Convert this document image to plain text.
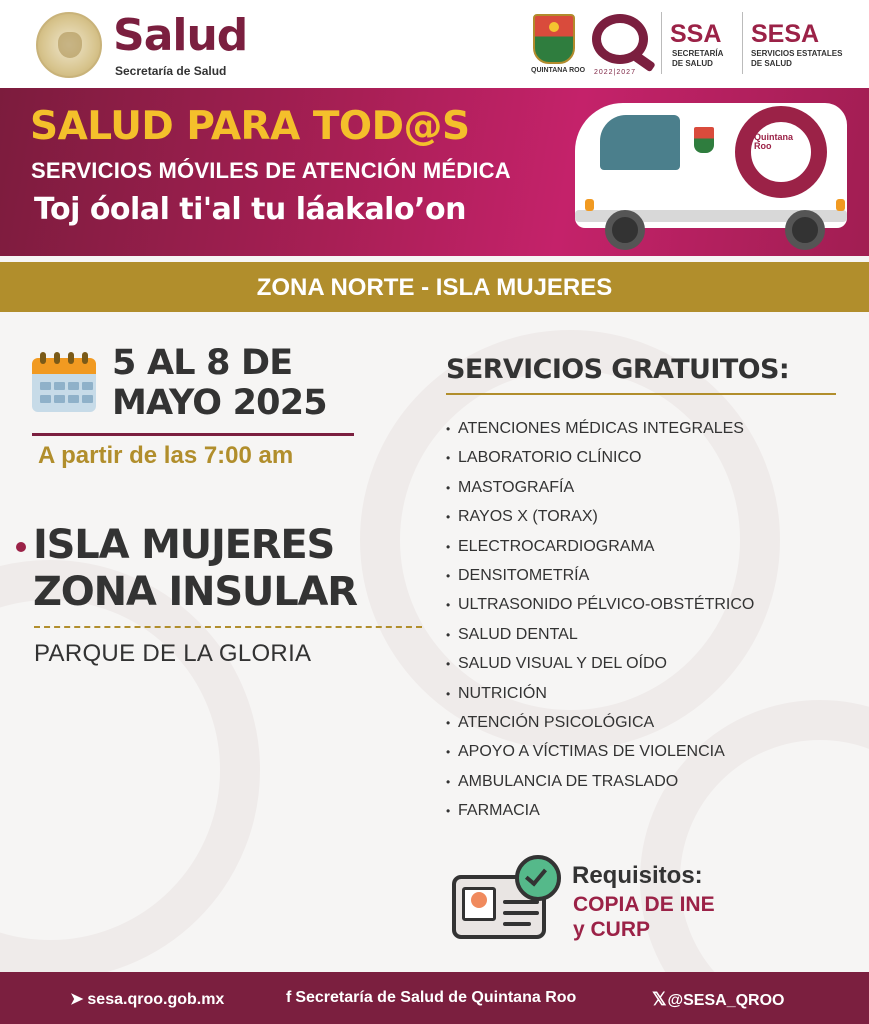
Salud
Secretaría de Salud	QUINTANA ROO 2022|2027
SSA
SECRETARÍA DE SALUD
SESA
SERVICIOS ESTATALES DE SALUD
SALUD PARA TOD@S
SERVICIOS MÓVILES DE ATENCIÓN MÉDICA
Toj óolal ti'al tu láakalo’on
Quintana Roo
ZONA NORTE - ISLA MUJERES
5 AL 8 DE
MAYO 2025
A partir de las 7:00 am
ISLA MUJERES
ZONA INSULAR
PARQUE DE LA GLORIA
SERVICIOS GRATUITOS:
• ATENCIONES MÉDICAS INTEGRALES
• LABORATORIO CLÍNICO
• MASTOGRAFÍA
• RAYOS X (TORAX)
• ELECTROCARDIOGRAMA
• DENSITOMETRÍA
• ULTRASONIDO PÉLVICO-OBSTÉTRICO
• SALUD DENTAL
• SALUD VISUAL Y DEL OÍDO
• NUTRICIÓN
• ATENCIÓN PSICOLÓGICA
• APOYO A VÍCTIMAS DE VIOLENCIA
• AMBULANCIA DE TRASLADO
• FARMACIA
Requisitos:
COPIA DE INE
y CURP
➤ sesa.qroo.gob.mx	f Secretaría de Salud de Quintana Roo	𝕏@SESA_QROO
